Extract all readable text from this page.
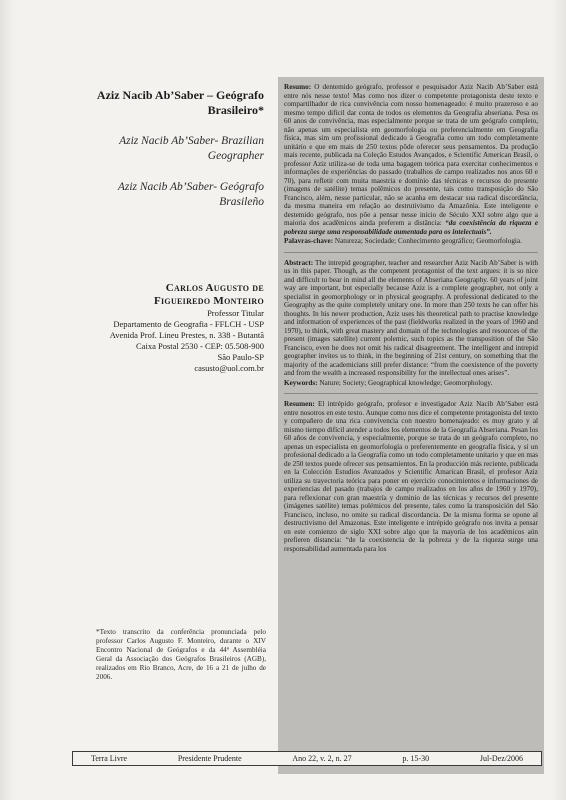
Aziz Nacib Ab’Saber – Geógrafo Brasileiro*
Aziz Nacib Ab’Saber- Brazilian Geographer
Aziz Nacib Ab’Saber- Geógrafo Brasileño
Carlos Augusto de
Figueiredo Monteiro
Professor Titular
Departamento de Geografia - FFLCH - USP
Avenida Prof. Lineu Prestes, n. 338 - Butantã
Caixa Postal 2530 - CEP: 05.508-900
São Paulo-SP
casusto@uol.com.br
*Texto transcrito da conferência pronunciada pelo professor Carlos Augusto F. Monteiro, durante o XIV Encontro Nacional de Geógrafos e da 44ª Assembléia Geral da Associação dos Geógrafos Brasileiros (AGB), realizados em Rio Branco, Acre, de 16 a 21 de julho de 2006.
Resumo: O dentemido geógrafo, professor e pesquisador Aziz Nacib Ab’Saber está entre nós nesse texto! Mas como nos dizer o competente protagonista deste texto e compartilhador de rica convivência com nosso homenageado: é muito prazeroso e ao mesmo tempo difícil dar conta de todos os elementos da Geografia abseriana. Pesa os 60 anos de convivência, mas especialmente porque se trata de um geógrafo completo, não apenas um especialista em geomorfologia ou preferencialmente em Geografia física, mas sim um profissional dedicado à Geografia como um todo completamente unitário e que em mais de 250 textos pôde oferecer seus pensamentos. Da produção mais recente, publicada na Coleção Estudos Avançados, e Scientific American Brasil, o professor Aziz utiliza-se de toda uma bagagem teórica para exercitar conhecimentos e informações de experiências do passado (trabalhos de campo realizados nos anos 60 e 70), para refletir com muita maestria e domínio das técnicas e recursos do presente (imagens de satélite) temas polêmicos do presente, tais como transposição do São Francisco, além, nesse particular, não se acanha em destacar sua radical discordância, da mesma maneira em relação ao destrutivismo da Amazônia. Este inteligente e destemido geógrafo, nos põe a pensar nesse início de Século XXI sobre algo que a maioria dos acadêmicos ainda preferem a distância: “da coexistência da riqueza e pobreza surge uma responsabilidade aumentada para os intelectuais”.
Palavras-chave: Natureza; Sociedade; Conhecimento geográfico; Geomorfologia.
Abstract: The intrepid geographer, teacher and researcher Aziz Nacib Ab’Saber is with us in this paper. Though, as the competent protagonist of the text argues: it is so nice and difficult to bear in mind all the elements of Abseriana Geography. 60 years of joint way are important, but especially because Aziz is a complete geographer, not only a specialist in geomorphology or in physical geography. A professional dedicated to the Geography as the quite completely unitary one. In more than 250 texts he can offer his thoughts. In his newer production, Aziz uses his theoretical path to practise knowledge and information of experiences of the past (fieldworks realized in the years of 1960 and 1970), to think, with great mastery and domain of the technologies and resources of the present (images satellite) current polemic, such topics as the transposition of the São Francisco, even he does not omit his radical disagreement. The intelligent and intrepid geographer invites us to think, in the beginning of 21st century, on something that the majority of the academicians still prefer distance: “from the coexistence of the poverty and from the wealth a increased responsibility for the intellectual ones arises”.
Keywords: Nature; Society; Geographical knowledge; Geomorphology.
Resumen: El intrépido geógrafo, profesor e investigador Aziz Nacib Ab’Saber está entre nosotros en este texto. Aunque como nos dice el competente protagonista del texto y compañero de una rica convivencia con nuestro homenajeado: es muy grato y al mismo tiempo difícil atender a todos los elementos de la Geografía Abseriana. Pesan los 60 años de convivencia, y especialmente, porque se trata de un geógrafo completo, no apenas un especialista en geomorfología o preferentemente en geografía física, y sí un profesional dedicado a la Geografía como un todo completamente unitario y que en mas de 250 textos puede ofrecer sus pensamientos. En la producción más reciente, publicada en la Colección Estudios Avanzados y Scientific Amarican Brasil, el profesor Aziz utiliza su trayectoria teórica para poner en ejercicio conocimientos e informaciones de experiencias del pasado (trabajos de campo realizados en los años de 1960 y 1970), para reflexionar con gran maestría y dominio de las técnicas y recursos del presente (imágenes satélite) temas polémicos del presente, tales como la transposición del São Francisco, incluso, no omite su radical discordancia. De la misma forma se opone al destructivismo del Amazonas. Este inteligente e intrépido geógrafo nos invita a pensar en este comienzo de siglo XXI sobre algo que la mayoría de los académicos aún prefieren distancia: “de la coexistencia de la pobreza y de la riqueza surge una responsabilidad aumentada para los
Terra Livre	Presidente Prudente	Ano 22, v. 2, n. 27	p. 15-30	Jul-Dez/2006
